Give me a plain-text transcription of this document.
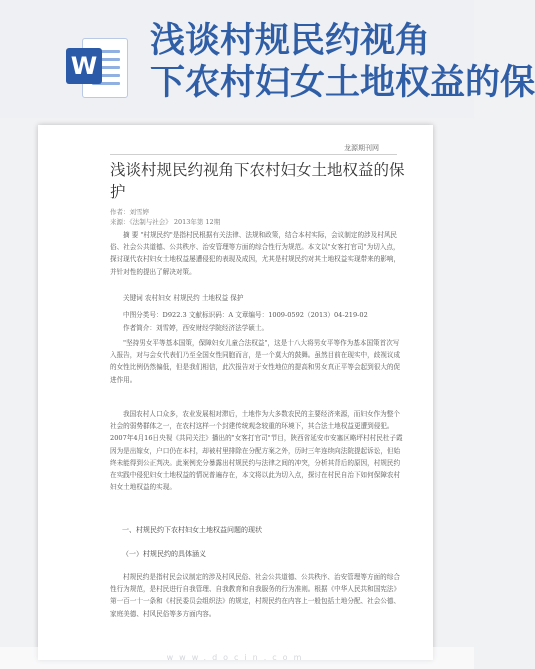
W
浅谈村规民约视角
下农村妇女土地权益的保
龙源期刊网
浅谈村规民约视角下农村妇女土地权益的保护
作者：刘雪婷
来源：《法制与社会》 2013年第 12期
摘 要 "村规民约"是指村民根据有关法律、法规和政策，结合本村实际，会议制定的涉及村风民俗、社会公共道德、公共秩序、治安管理等方面的综合性行为规范。本文以"女客打官司"为切入点，探讨现代农村妇女土地权益屡遭侵犯的表现及成因，尤其是村规民约对其土地权益实现带来的影响，并针对性的提出了解决对策。
关键词 农村妇女 村规民约 土地权益 保护
中图分类号：D922.3 文献标识码：A 文章编号：1009-0592（2013）04-219-02
作者简介：刘雪婷，西安财经学院经济法学硕士。
"坚持男女平等基本国策，保障妇女儿童合法权益"，这是十八大将男女平等作为基本国策首次写入报告，对与会女代表们乃至全国女性同胞而言，是一个莫大的鼓舞。虽然目前在现实中，歧视议成的女性比例仍然偏低，但是我们相信，此次报告对于女性地位的提高和男女真正平等会起到很大的促进作用。
我国农村人口众多，农业发展相对滞后，土地作为大多数农民的主要经济来源，而妇女作为整个社会的弱势群体之一，在农村这样一个封建传统观念较重的环境下，其合法土地权益更遭到侵犯。2007年4月16日央视《共同关注》播出的"女客打官司"节目，陕西省延安市安塞区略坪村村民杜子霞因为是出嫁女，户口仍在本村，却被村里排除在分配方案之外，历时三年连续向法院提起诉讼，但始终未能得到公正判决。此案例充分暴露出村规民约与法律之间的冲突，分析其背后的原因，村规民约在实践中侵犯妇女土地权益的情况普遍存在，本文将以此为切入点，探讨在村民自治下如何保障农村妇女土地权益的实现。
一、村规民约下农村妇女土地权益问题的现状
（一）村规民约的具体涵义
村规民约是指村民会议制定的涉及村风民俗、社会公共道德、公共秩序、治安管理等方面的综合性行为规范，是村民进行自我管理、自我教育和自我服务的行为准则。根据《中华人民共和国宪法》第一百一十一条和《村民委员会组织法》的规定，村规民约在内容上一般包括土地分配、社会公德、家庭美德、村风民俗等多方面内容。
www.docin.com
